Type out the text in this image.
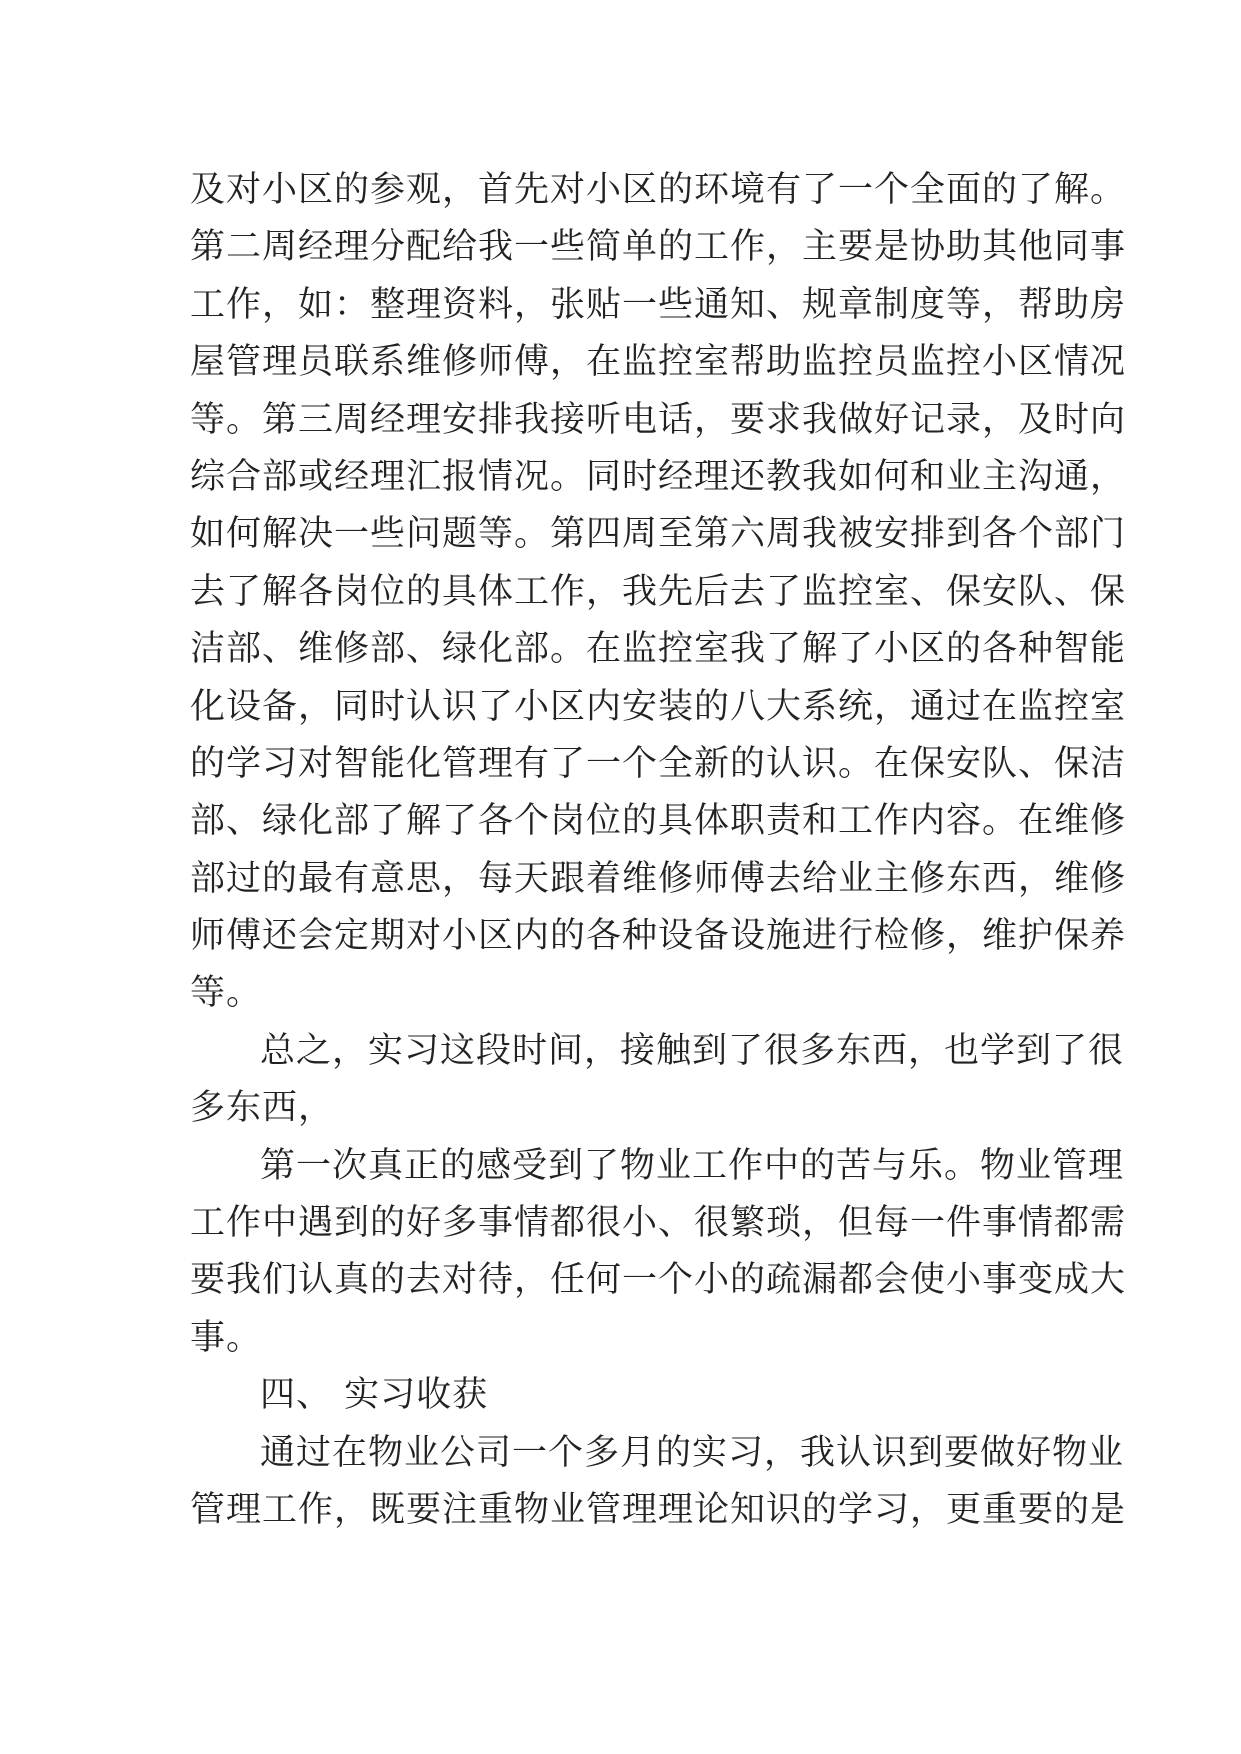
及对小区的参观，首先对小区的环境有了一个全面的了解。
第二周经理分配给我一些简单的工作，主要是协助其他同事
工作，如：整理资料，张贴一些通知、规章制度等，帮助房
屋管理员联系维修师傅，在监控室帮助监控员监控小区情况
等。第三周经理安排我接听电话，要求我做好记录，及时向
综合部或经理汇报情况。同时经理还教我如何和业主沟通，
如何解决一些问题等。第四周至第六周我被安排到各个部门
去了解各岗位的具体工作，我先后去了监控室、保安队、保
洁部、维修部、绿化部。在监控室我了解了小区的各种智能
化设备，同时认识了小区内安装的八大系统，通过在监控室
的学习对智能化管理有了一个全新的认识。在保安队、保洁
部、绿化部了解了各个岗位的具体职责和工作内容。在维修
部过的最有意思，每天跟着维修师傅去给业主修东西，维修
师傅还会定期对小区内的各种设备设施进行检修，维护保养
等。
总之，实习这段时间，接触到了很多东西，也学到了很
多东西，
第一次真正的感受到了物业工作中的苦与乐。物业管理
工作中遇到的好多事情都很小、很繁琐，但每一件事情都需
要我们认真的去对待，任何一个小的疏漏都会使小事变成大
事。
四、 实习收获
通过在物业公司一个多月的实习，我认识到要做好物业
管理工作，既要注重物业管理理论知识的学习，更重要的是
